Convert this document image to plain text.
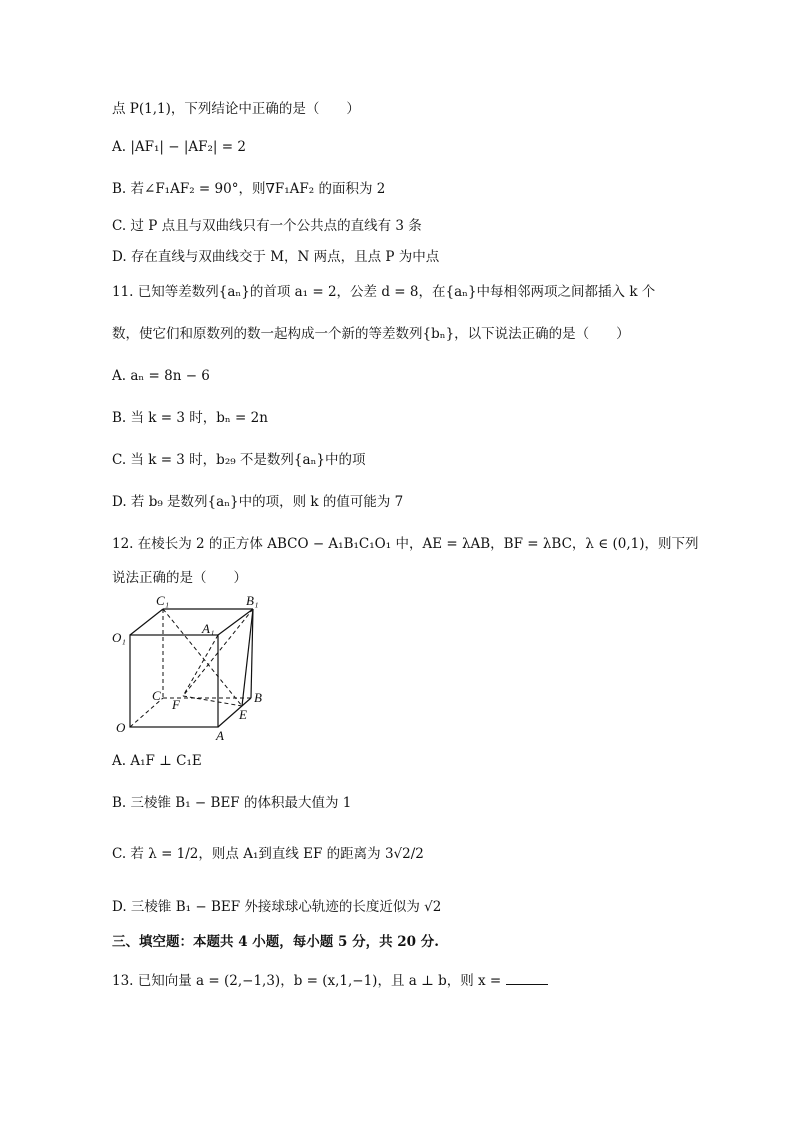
点 P(1,1)，下列结论中正确的是（　　）
A. |AF₁| − |AF₂| = 2
B. 若∠F₁AF₂ = 90°，则∇F₁AF₂ 的面积为 2
C. 过 P 点且与双曲线只有一个公共点的直线有 3 条
D. 存在直线与双曲线交于 M，N 两点，且点 P 为中点
11. 已知等差数列{aₙ}的首项 a₁ = 2，公差 d = 8，在{aₙ}中每相邻两项之间都插入 k 个
数，使它们和原数列的数一起构成一个新的等差数列{bₙ}，以下说法正确的是（　　）
A. aₙ = 8n − 6
B. 当 k = 3 时，bₙ = 2n
C. 当 k = 3 时，b₂₉ 不是数列{aₙ}中的项
D. 若 b₉ 是数列{aₙ}中的项，则 k 的值可能为 7
12. 在棱长为 2 的正方体 ABCO − A₁B₁C₁O₁ 中，AE = λAB，BF = λBC，λ ∈ (0,1)，则下列
说法正确的是（　　）
C₁	B₁
A₁
O₁
C
F	B
E
O
A
A. A₁F ⊥ C₁E
B. 三棱锥 B₁ − BEF 的体积最大值为 1
C. 若 λ = 1/2，则点 A₁到直线 EF 的距离为 3√2/2
D. 三棱锥 B₁ − BEF 外接球球心轨迹的长度近似为 √2
三、填空题：本题共 4 小题，每小题 5 分，共 20 分.
13. 已知向量 a = (2,−1,3)，b = (x,1,−1)，且 a ⊥ b，则 x =
